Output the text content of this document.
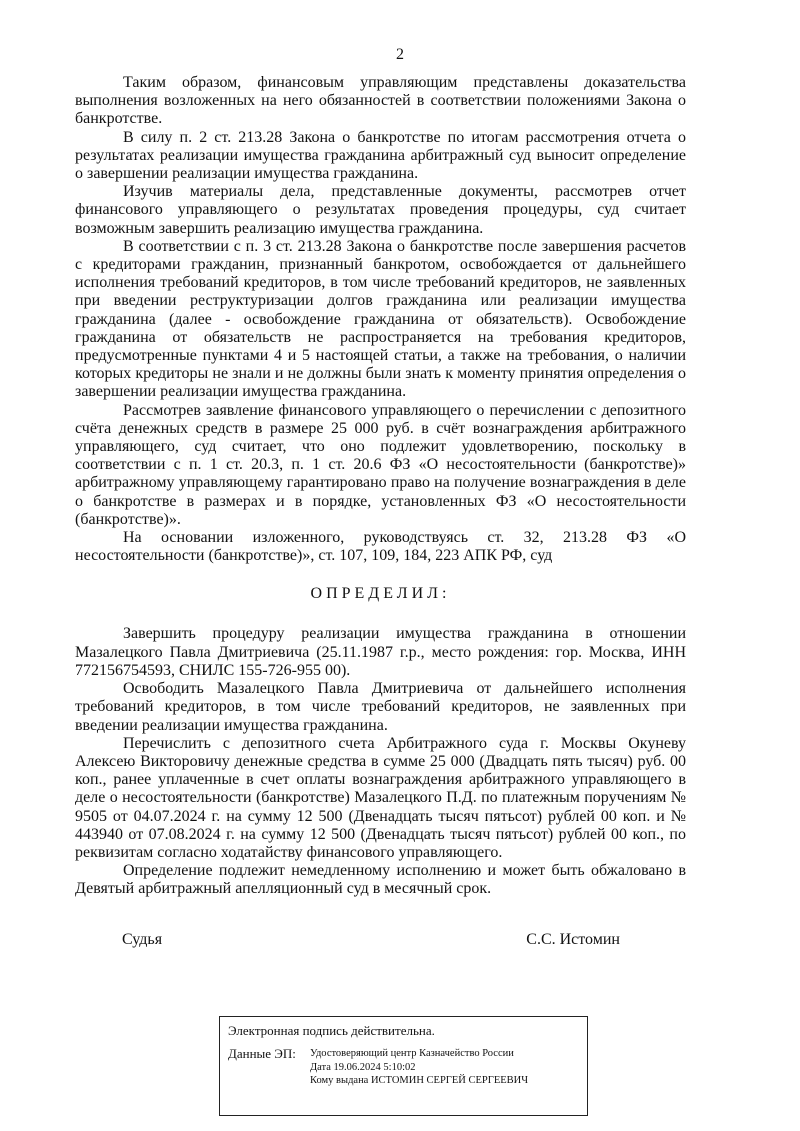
2

Таким образом, финансовым управляющим представлены доказательства выполнения возложенных на него обязанностей в соответствии положениями Закона о банкротстве.

В силу п. 2 ст. 213.28 Закона о банкротстве по итогам рассмотрения отчета о результатах реализации имущества гражданина арбитражный суд выносит определение о завершении реализации имущества гражданина.

Изучив материалы дела, представленные документы, рассмотрев отчет финансового управляющего о результатах проведения процедуры, суд считает возможным завершить реализацию имущества гражданина.

В соответствии с п. 3 ст. 213.28 Закона о банкротстве после завершения расчетов с кредиторами гражданин, признанный банкротом, освобождается от дальнейшего исполнения требований кредиторов, в том числе требований кредиторов, не заявленных при введении реструктуризации долгов гражданина или реализации имущества гражданина (далее - освобождение гражданина от обязательств). Освобождение гражданина от обязательств не распространяется на требования кредиторов, предусмотренные пунктами 4 и 5 настоящей статьи, а также на требования, о наличии которых кредиторы не знали и не должны были знать к моменту принятия определения о завершении реализации имущества гражданина.

Рассмотрев заявление финансового управляющего о перечислении с депозитного счёта денежных средств в размере 25 000 руб. в счёт вознаграждения арбитражного управляющего, суд считает, что оно подлежит удовлетворению, поскольку в соответствии с п. 1 ст. 20.3, п. 1 ст. 20.6 ФЗ «О несостоятельности (банкротстве)» арбитражному управляющему гарантировано право на получение вознаграждения в деле о банкротстве в размерах и в порядке, установленных ФЗ «О несостоятельности (банкротстве)».

На основании изложенного, руководствуясь ст. 32, 213.28 ФЗ «О несостоятельности (банкротстве)», ст. 107, 109, 184, 223 АПК РФ, суд

ОПРЕДЕЛИЛ:

Завершить процедуру реализации имущества гражданина в отношении Мазалецкого Павла Дмитриевича (25.11.1987 г.р., место рождения: гор. Москва, ИНН 772156754593, СНИЛС 155-726-955 00).

Освободить Мазалецкого Павла Дмитриевича от дальнейшего исполнения требований кредиторов, в том числе требований кредиторов, не заявленных при введении реализации имущества гражданина.

Перечислить с депозитного счета Арбитражного суда г. Москвы Окуневу Алексею Викторовичу денежные средства в сумме 25 000 (Двадцать пять тысяч) руб. 00 коп., ранее уплаченные в счет оплаты вознаграждения арбитражного управляющего в деле о несостоятельности (банкротстве) Мазалецкого П.Д. по платежным поручениям № 9505 от 04.07.2024 г. на сумму 12 500 (Двенадцать тысяч пятьсот) рублей 00 коп. и № 443940 от 07.08.2024 г. на сумму 12 500 (Двенадцать тысяч пятьсот) рублей 00 коп., по реквизитам согласно ходатайству финансового управляющего.

Определение подлежит немедленному исполнению и может быть обжаловано в Девятый арбитражный апелляционный суд в месячный срок.

Судья	С.С. Истомин
Электронная подпись действительна.
Данные ЭП:	Удостоверяющий центр Казначейство России
Дата 19.06.2024 5:10:02
Кому выдана ИСТОМИН СЕРГЕЙ СЕРГЕЕВИЧ
